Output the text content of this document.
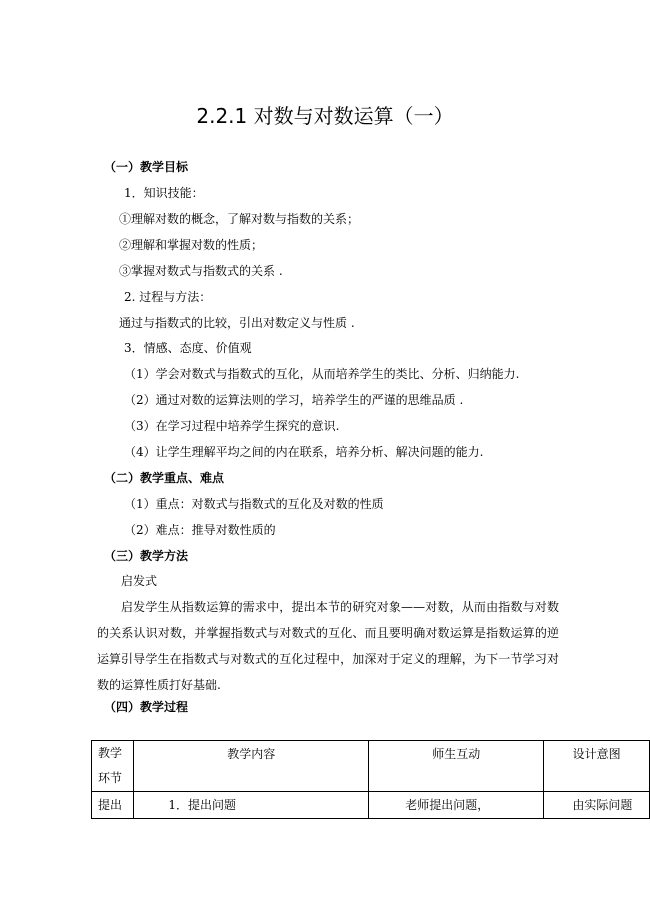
2.2.1 对数与对数运算（一）
（一）教学目标
1．知识技能：
①理解对数的概念，了解对数与指数的关系；
②理解和掌握对数的性质；
③掌握对数式与指数式的关系 .
2. 过程与方法：
通过与指数式的比较，引出对数定义与性质 .
3．情感、态度、价值观
（1）学会对数式与指数式的互化，从而培养学生的类比、分析、归纳能力.
（2）通过对数的运算法则的学习，培养学生的严谨的思维品质 .
（3）在学习过程中培养学生探究的意识.
（4）让学生理解平均之间的内在联系，培养分析、解决问题的能力.
（二）教学重点、难点
（1）重点：对数式与指数式的互化及对数的性质
（2）难点：推导对数性质的
（三）教学方法
启发式
启发学生从指数运算的需求中，提出本节的研究对象——对数，从而由指数与对数的关系认识对数，并掌握指数式与对数式的互化、而且要明确对数运算是指数运算的逆运算.
引导学生在指数式与对数式的互化过程中，加深对于定义的理解，为下一节学习对数的运算性质打好基础.
（四）教学过程
教学环节	教学内容	师生互动	设计意图
提出	1．提出问题	老师提出问题，	由实际问题
